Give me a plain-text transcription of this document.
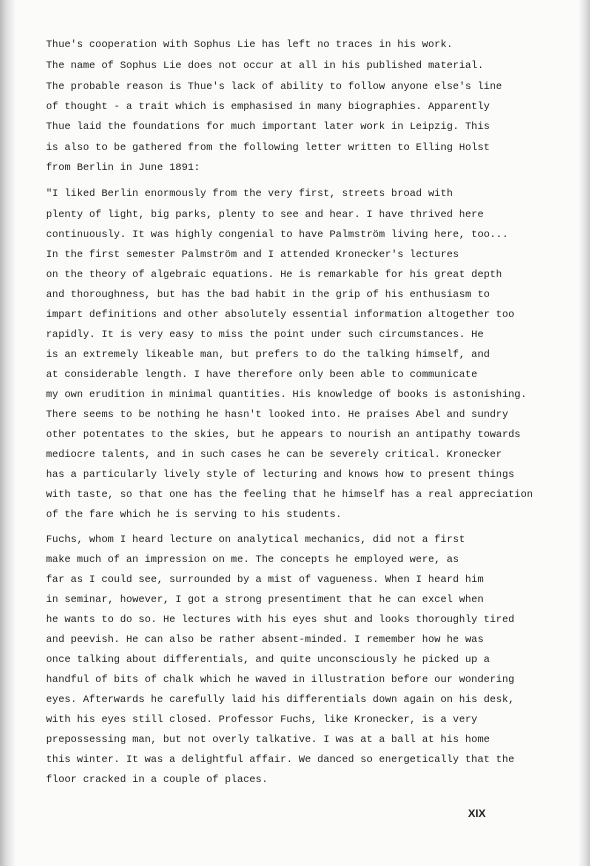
Thue's cooperation with Sophus Lie has left no traces in his work.

The name of Sophus Lie does not occur at all in his published material.

The probable reason is Thue's lack of ability to follow anyone else's line

of thought - a trait which is emphasised in many biographies. Apparently

Thue laid the foundations for much important later work in Leipzig. This

is also to be gathered from the following letter written to Elling Holst

from Berlin in June 1891:

"I liked Berlin enormously from the very first, streets broad with

plenty of light, big parks, plenty to see and hear. I have thrived here

continuously. It was highly congenial to have Palmström living here, too...

In the first semester Palmström and I attended Kronecker's lectures

on the theory of algebraic equations. He is remarkable for his great depth

and thoroughness, but has the bad habit in the grip of his enthusiasm to

impart definitions and other absolutely essential information altogether too

rapidly. It is very easy to miss the point under such circumstances. He

is an extremely likeable man, but prefers to do the talking himself, and

at considerable length. I have therefore only been able to communicate

my own erudition in minimal quantities. His knowledge of books is astonishing.

There seems to be nothing he hasn't looked into. He praises Abel and sundry

other potentates to the skies, but he appears to nourish an antipathy towards

mediocre talents, and in such cases he can be severely critical. Kronecker

has a particularly lively style of lecturing and knows how to present things

with taste, so that one has the feeling that he himself has a real appreciation

of the fare which he is serving to his students.

Fuchs, whom I heard lecture on analytical mechanics, did not a first

make much of an impression on me. The concepts he employed were, as

far as I could see, surrounded by a mist of vagueness. When I heard him

in seminar, however, I got a strong presentiment that he can excel when

he wants to do so. He lectures with his eyes shut and looks thoroughly tired

and peevish. He can also be rather absent-minded. I remember how he was

once talking about differentials, and quite unconsciously he picked up a

handful of bits of chalk which he waved in illustration before our wondering

eyes. Afterwards he carefully laid his differentials down again on his desk,

with his eyes still closed. Professor Fuchs, like Kronecker, is a very

prepossessing man, but not overly talkative. I was at a ball at his home

this winter. It was a delightful affair. We danced so energetically that the

floor cracked in a couple of places.

XIX
